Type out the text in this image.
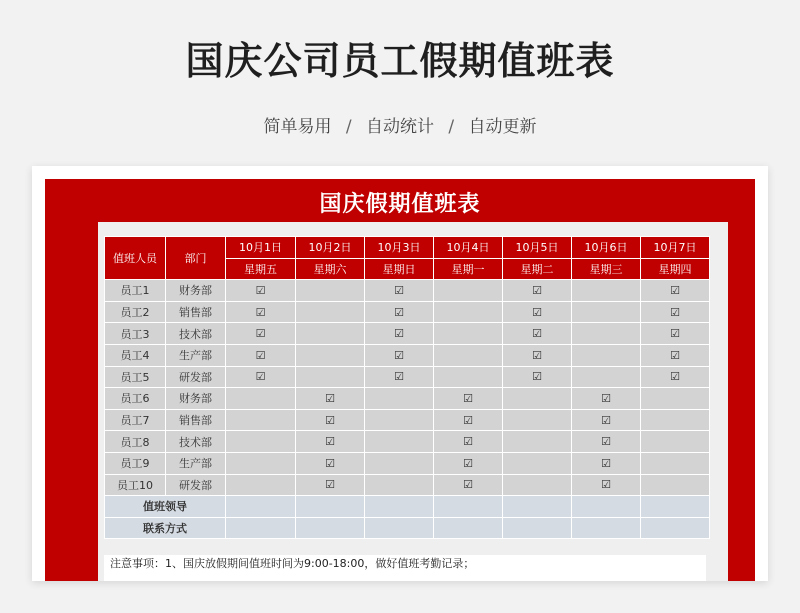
国庆公司员工假期值班表
简单易用 / 自动统计 / 自动更新
国庆假期值班表
值班人员	部门	10月1日	10月2日	10月3日	10月4日	10月5日	10月6日	10月7日
		星期五	星期六	星期日	星期一	星期二	星期三	星期四
员工1	财务部	☑		☑		☑		☑
员工2	销售部	☑		☑		☑		☑
员工3	技术部	☑		☑		☑		☑
员工4	生产部	☑		☑		☑		☑
员工5	研发部	☑		☑		☑		☑
员工6	财务部		☑		☑		☑	
员工7	销售部		☑		☑		☑	
员工8	技术部		☑		☑		☑	
员工9	生产部		☑		☑		☑	
员工10	研发部		☑		☑		☑	
值班领导								
联系方式								
注意事项：1、国庆放假期间值班时间为9:00-18:00，做好值班考勤记录；
